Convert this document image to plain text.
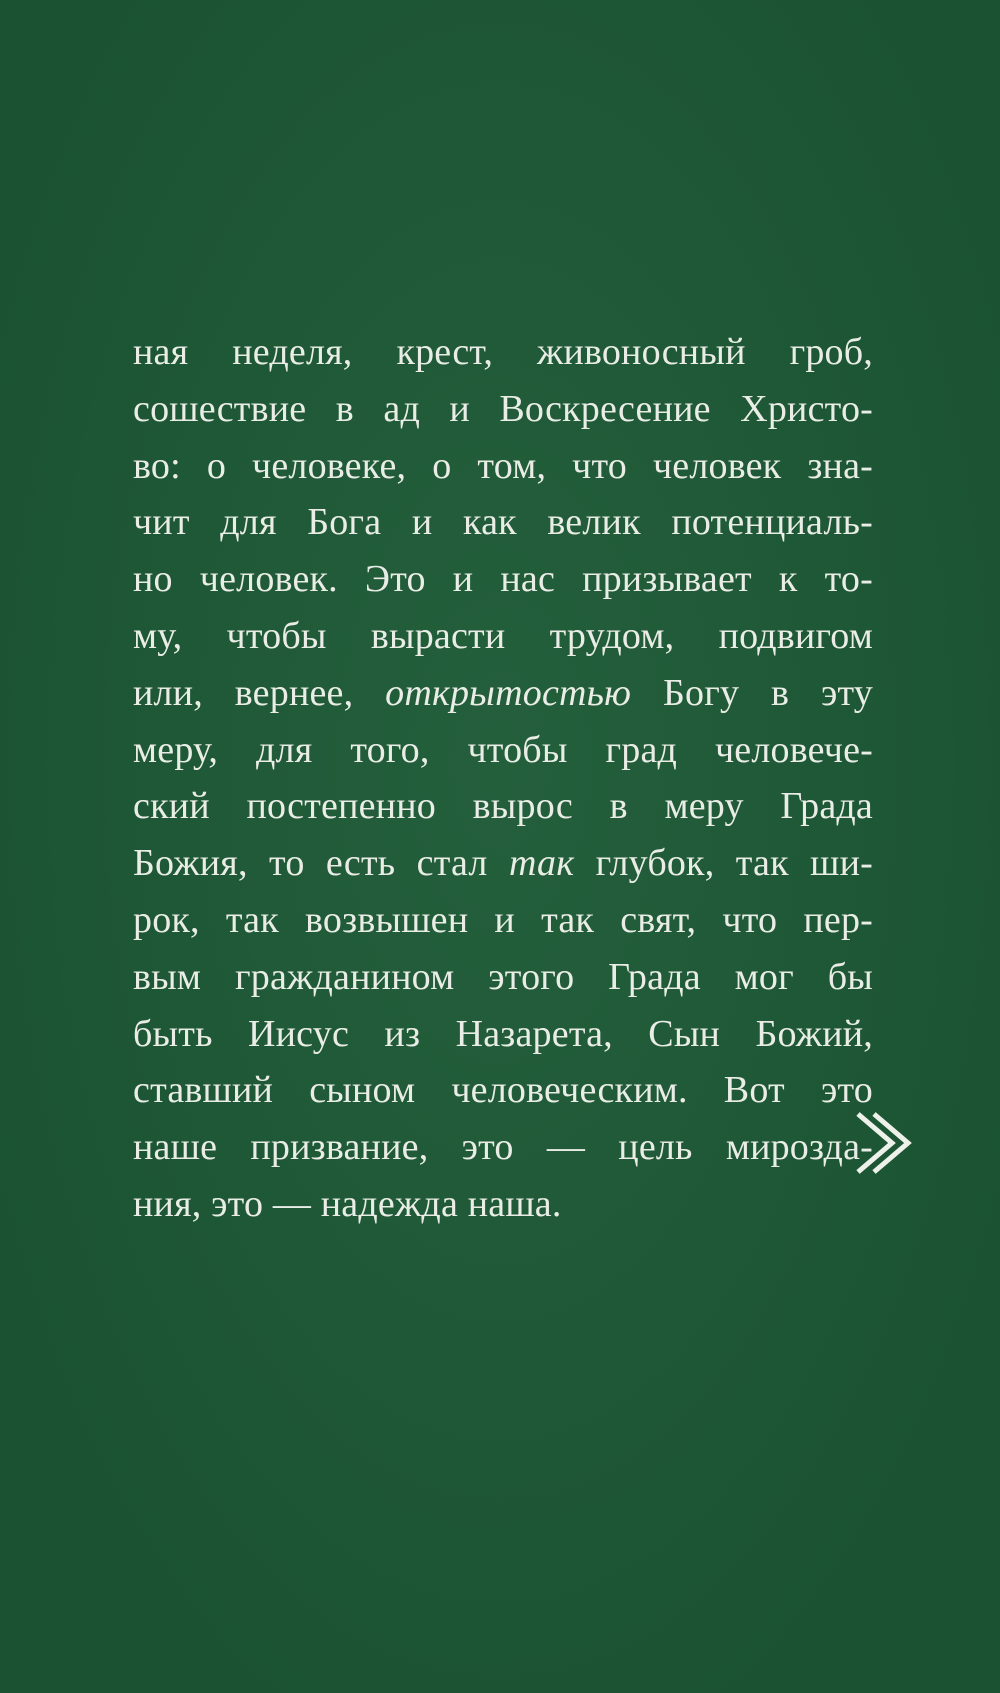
ная неделя, крест, живоносный гроб,
сошествие в ад и Воскресение Христо-
во: о человеке, о том, что человек зна-
чит для Бога и как велик потенциаль-
но человек. Это и нас призывает к то-
му, чтобы вырасти трудом, подвигом
или, вернее, открытостью Богу в эту
меру, для того, чтобы град человече-
ский постепенно вырос в меру Града
Божия, то есть стал так глубок, так ши-
рок, так возвышен и так свят, что пер-
вым гражданином этого Града мог бы
быть Иисус из Назарета, Сын Божий,
ставший сыном человеческим. Вот это
наше призвание, это — цель мирозда-
ния, это — надежда наша.
